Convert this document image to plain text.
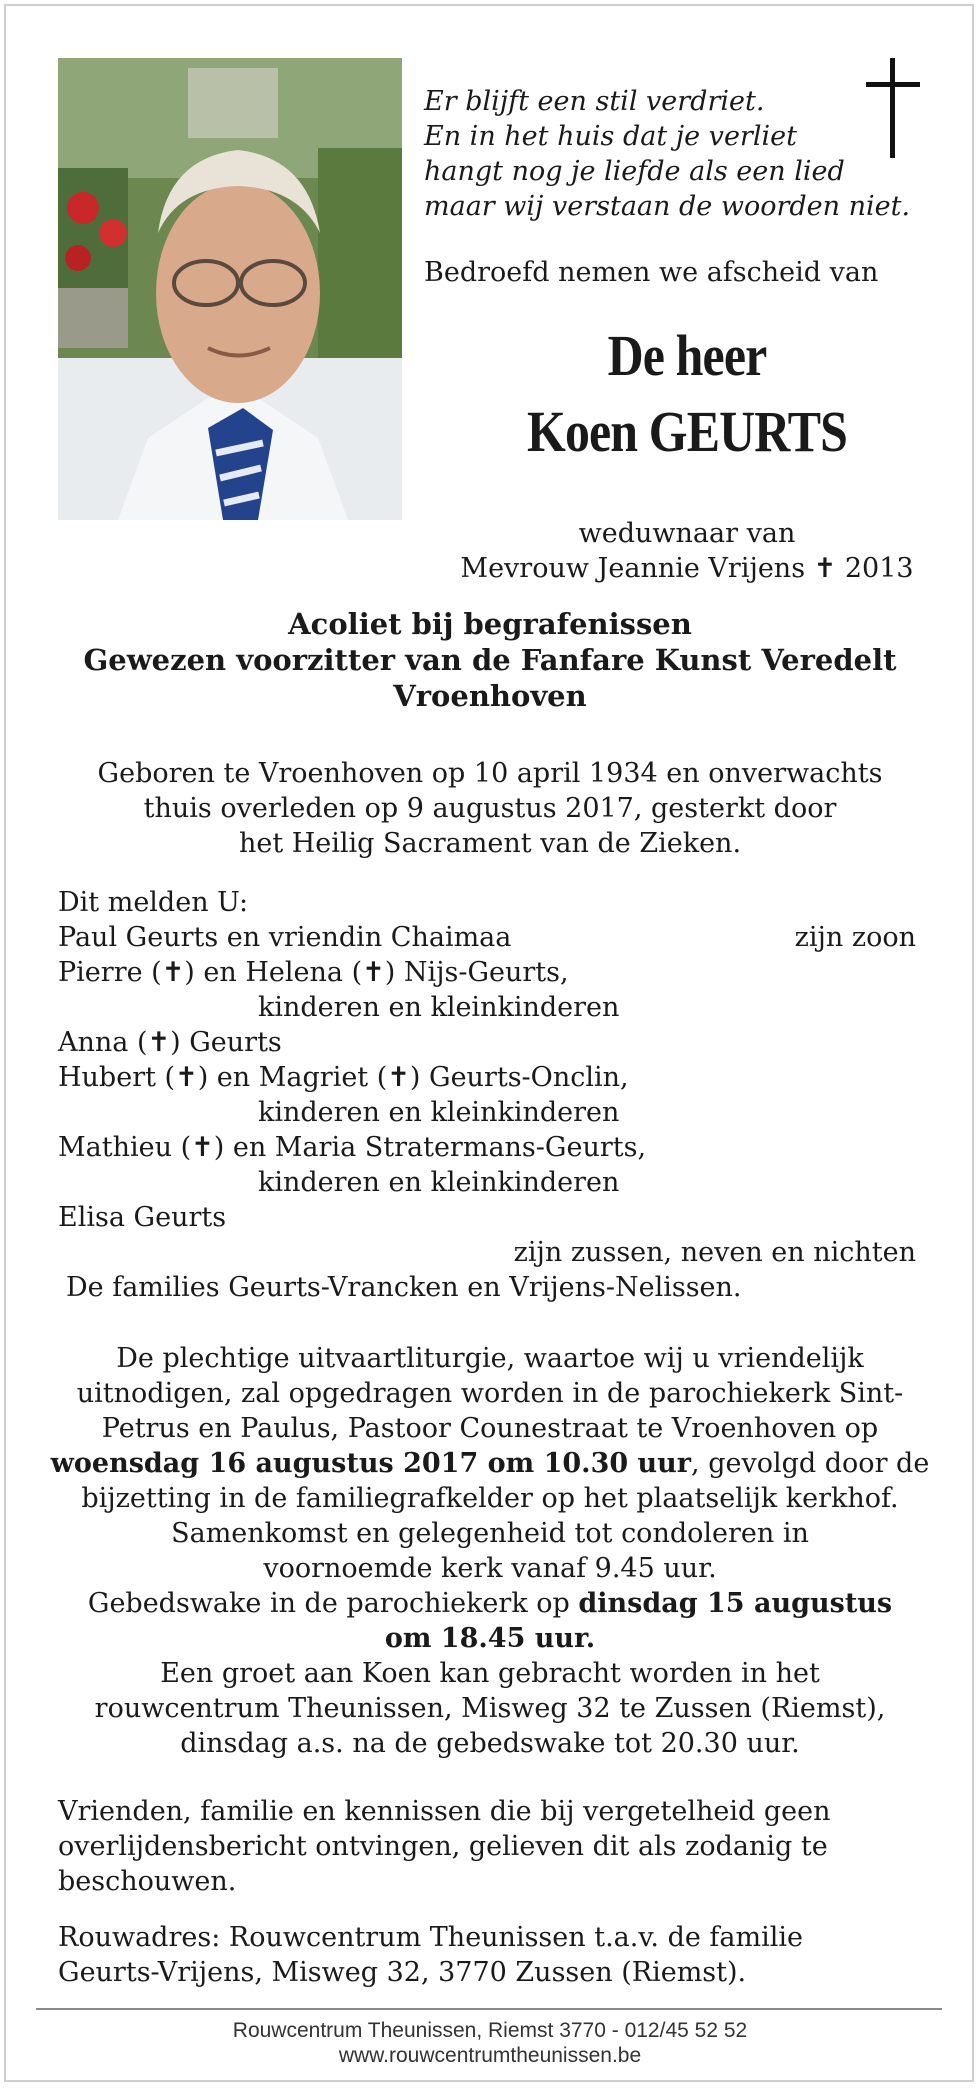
Er blijft een stil verdriet.
En in het huis dat je verliet
hangt nog je liefde als een lied
maar wij verstaan de woorden niet.
Bedroefd nemen we afscheid van
De heer
Koen GEURTS
weduwnaar van
Mevrouw Jeannie Vrijens ✝ 2013
Acoliet bij begrafenissen
Gewezen voorzitter van de Fanfare Kunst Veredelt
Vroenhoven
Geboren te Vroenhoven op 10 april 1934 en onverwachts
thuis overleden op 9 augustus 2017, gesterkt door
het Heilig Sacrament van de Zieken.
Dit melden U:
Paul Geurts en vriendin Chaimaa	zijn zoon
Pierre (✝) en Helena (✝) Nijs-Geurts,
kinderen en kleinkinderen
Anna (✝) Geurts
Hubert (✝) en Magriet (✝) Geurts-Onclin,
kinderen en kleinkinderen
Mathieu (✝) en Maria Stratermans-Geurts,
kinderen en kleinkinderen
Elisa Geurts
zijn zussen, neven en nichten
De families Geurts-Vrancken en Vrijens-Nelissen.
De plechtige uitvaartliturgie, waartoe wij u vriendelijk
uitnodigen, zal opgedragen worden in de parochiekerk Sint-
Petrus en Paulus, Pastoor Counestraat te Vroenhoven op
woensdag 16 augustus 2017 om 10.30 uur, gevolgd door de
bijzetting in de familiegrafkelder op het plaatselijk kerkhof.
Samenkomst en gelegenheid tot condoleren in
voornoemde kerk vanaf 9.45 uur.
Gebedswake in de parochiekerk op dinsdag 15 augustus
om 18.45 uur.
Een groet aan Koen kan gebracht worden in het
rouwcentrum Theunissen, Misweg 32 te Zussen (Riemst),
dinsdag a.s. na de gebedswake tot 20.30 uur.
Vrienden, familie en kennissen die bij vergetelheid geen
overlijdensbericht ontvingen, gelieven dit als zodanig te
beschouwen.
Rouwadres: Rouwcentrum Theunissen t.a.v. de familie
Geurts-Vrijens, Misweg 32, 3770 Zussen (Riemst).
Rouwcentrum Theunissen, Riemst 3770 - 012/45 52 52
www.rouwcentrumtheunissen.be
